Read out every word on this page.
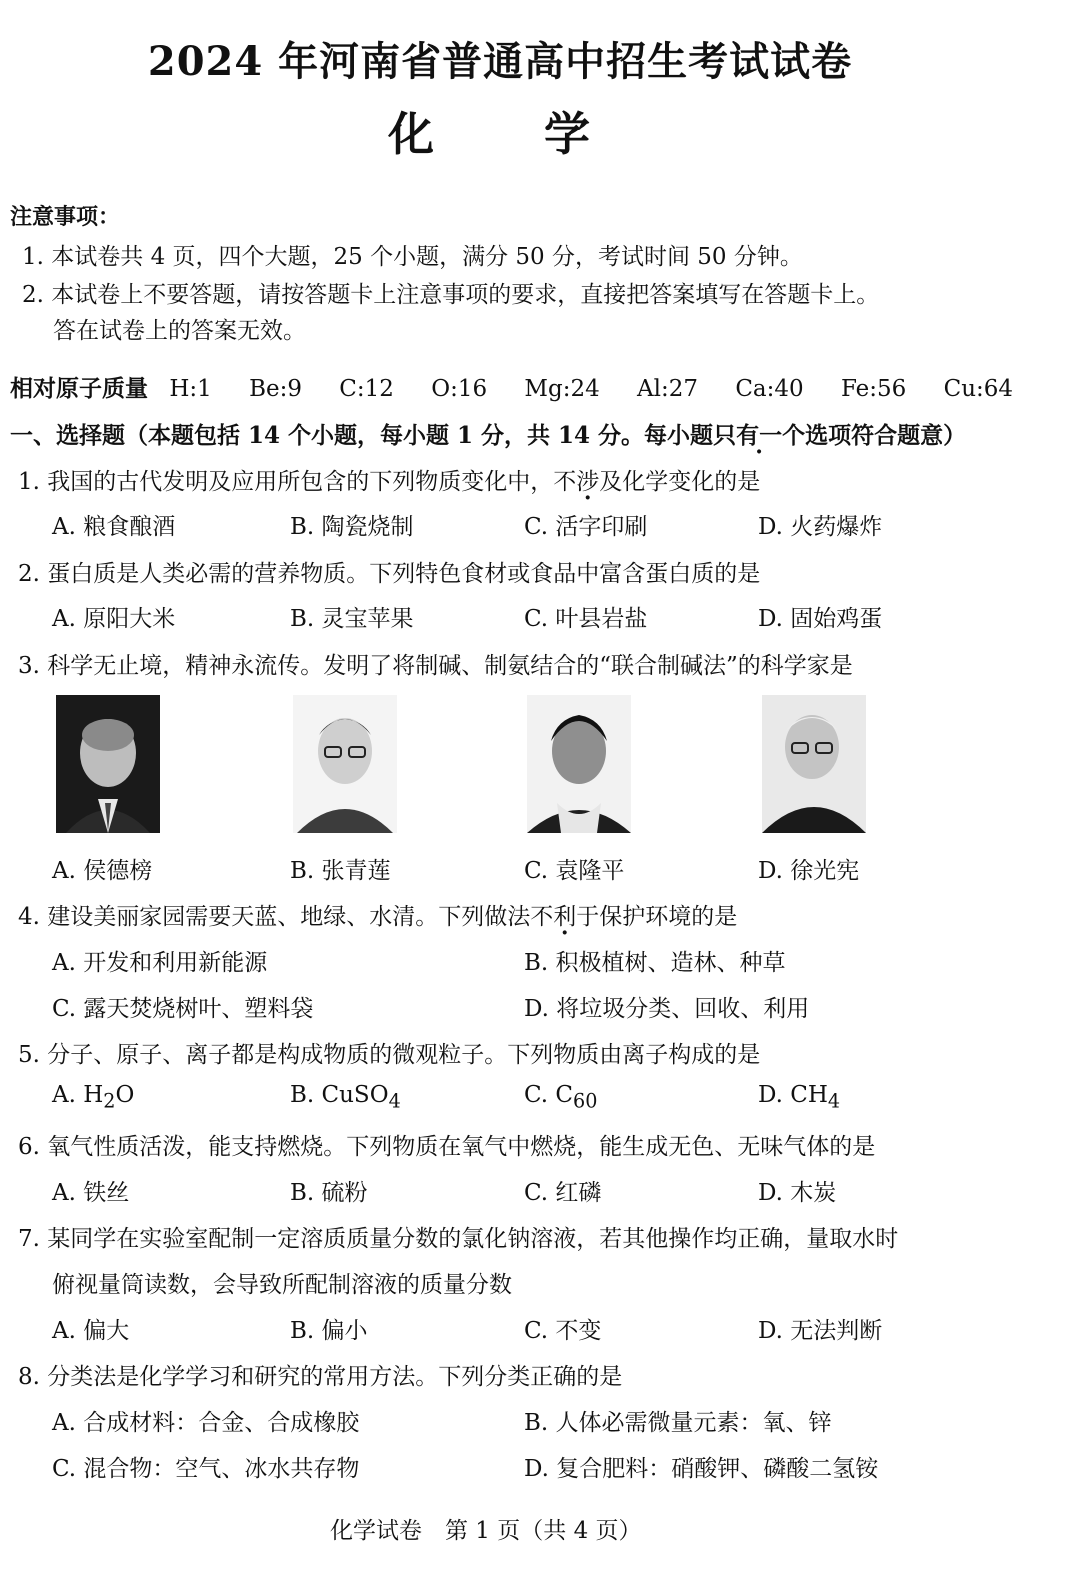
2024 年河南省普通高中招生考试试卷
化学
注意事项：
1. 本试卷共 4 页，四个大题，25 个小题，满分 50 分，考试时间 50 分钟。
2. 本试卷上不要答题，请按答题卡上注意事项的要求，直接把答案填写在答题卡上。
答在试卷上的答案无效。
相对原子质量 H:1 Be:9 C:12 O:16 Mg:24 Al:27 Ca:40 Fe:56 Cu:64
一、选择题（本题包括 14 个小题，每小题 1 分，共 14 分。每小题只有一个选项符合题意）
1. 我国的古代发明及应用所包含的下列物质变化中，不涉及化学变化的是
A. 粮食酿酒	B. 陶瓷烧制	C. 活字印刷	D. 火药爆炸
2. 蛋白质是人类必需的营养物质。下列特色食材或食品中富含蛋白质的是
A. 原阳大米	B. 灵宝苹果	C. 叶县岩盐	D. 固始鸡蛋
3. 科学无止境，精神永流传。发明了将制碱、制氨结合的“联合制碱法”的科学家是
A. 侯德榜	B. 张青莲	C. 袁隆平	D. 徐光宪
4. 建设美丽家园需要天蓝、地绿、水清。下列做法不利于保护环境的是
A. 开发和利用新能源	B. 积极植树、造林、种草
C. 露天焚烧树叶、塑料袋	D. 将垃圾分类、回收、利用
5. 分子、原子、离子都是构成物质的微观粒子。下列物质由离子构成的是
A. $H_2O$	B. CuSO$_4$	C. $C_{60}$	D. $CH_4$
6. 氧气性质活泼，能支持燃烧。下列物质在氧气中燃烧，能生成无色、无味气体的是
A. 铁丝	B. 硫粉	C. 红磷	D. 木炭
7. 某同学在实验室配制一定溶质质量分数的氯化钠溶液，若其他操作均正确，量取水时
俯视量筒读数，会导致所配制溶液的质量分数
A. 偏大	B. 偏小	C. 不变	D. 无法判断
8. 分类法是化学学习和研究的常用方法。下列分类正确的是
A. 合成材料：合金、合成橡胶	B. 人体必需微量元素：氧、锌
C. 混合物：空气、冰水共存物	D. 复合肥料：硝酸钾、磷酸二氢铵
化学试卷　第 1 页（共 4 页）
